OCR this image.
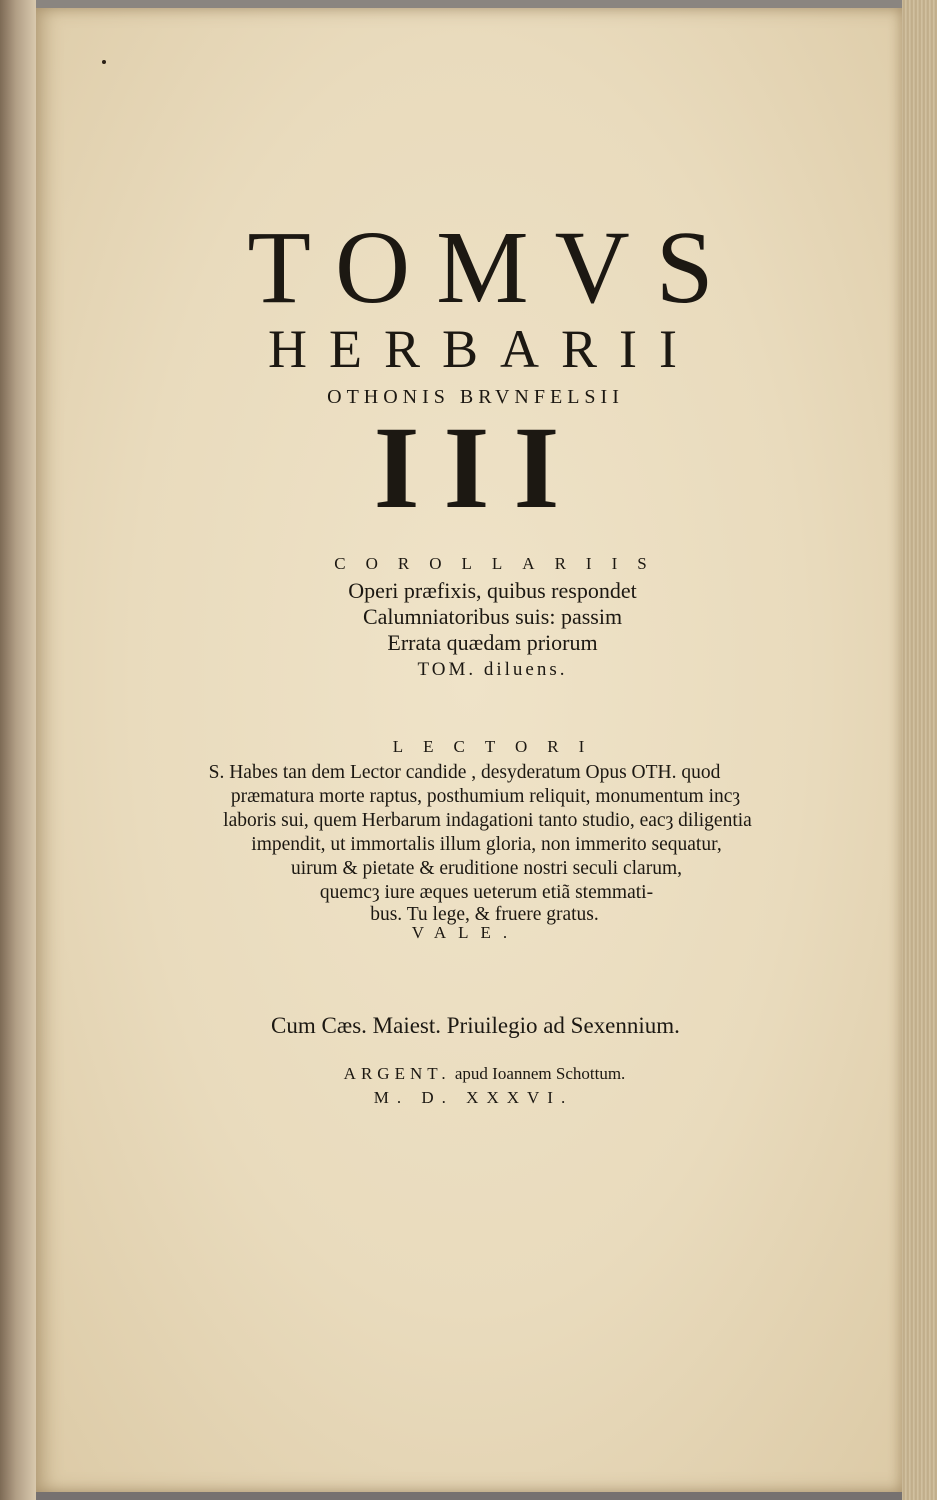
TOMVS

HERBARII

OTHONIS BRVNFELSII

III

COROLLARIIS

Operi præfixis, quibus respondet

Calumniatoribus suis: passim

Errata quædam priorum

TOM. diluens.

LECTORI

S. Habes tan dem Lector candide , desyderatum Opus OTH. quod

præmatura morte raptus, posthumium reliquit, monumentum incȝ

laboris sui, quem Herbarum indagationi tanto studio, eacȝ diligentia

impendit, ut immortalis illum gloria, non immerito sequatur,

uirum & pietate & eruditione nostri seculi clarum,

quemcȝ iure æques ueterum etiã stemmati-

bus. Tu lege, & fruere gratus.

VALE.

Cum Cæs. Maiest. Priuilegio ad Sexennium.

ARGENT. apud Ioannem Schottum.

M. D. XXXVI.
